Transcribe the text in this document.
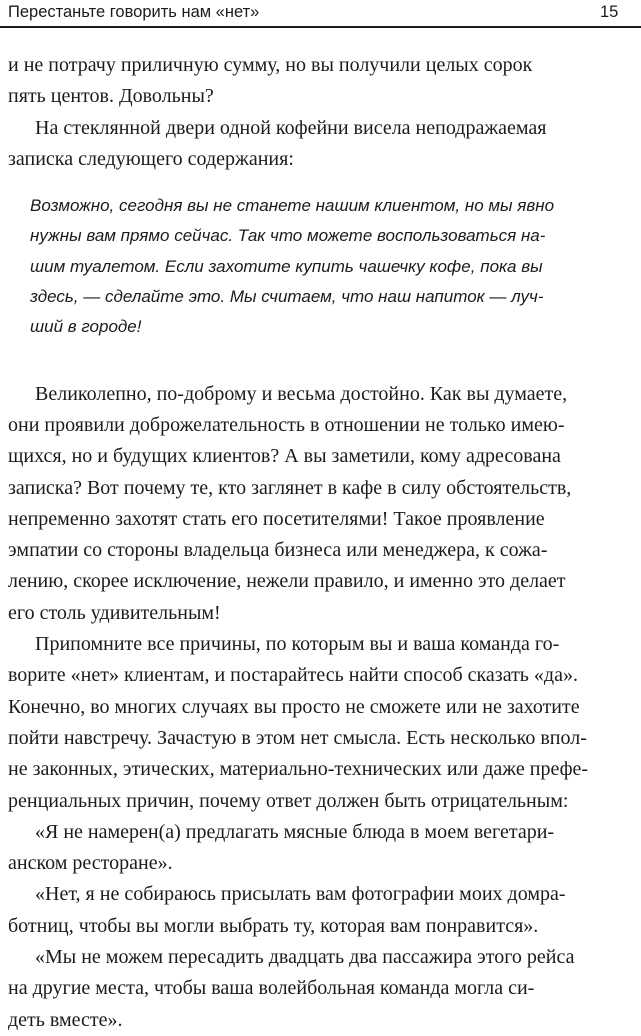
Перестаньте говорить нам «нет»	15

и не потрачу приличную сумму, но вы получили целых сорок
пять центов. Довольны?

На стеклянной двери одной кофейни висела неподражаемая
записка следующего содержания:

Возможно, сегодня вы не станете нашим клиентом, но мы явно
нужны вам прямо сейчас. Так что можете воспользоваться на-
шим туалетом. Если захотите купить чашечку кофе, пока вы
здесь, — сделайте это. Мы считаем, что наш напиток — луч-
ший в городе!

Великолепно, по-доброму и весьма достойно. Как вы думаете,
они проявили доброжелательность в отношении не только имею-
щихся, но и будущих клиентов? А вы заметили, кому адресована
записка? Вот почему те, кто заглянет в кафе в силу обстоятельств,
непременно захотят стать его посетителями! Такое проявление
эмпатии со стороны владельца бизнеса или менеджера, к сожа-
лению, скорее исключение, нежели правило, и именно это делает
его столь удивительным!

Припомните все причины, по которым вы и ваша команда го-
ворите «нет» клиентам, и постарайтесь найти способ сказать «да».
Конечно, во многих случаях вы просто не сможете или не захотите
пойти навстречу. Зачастую в этом нет смысла. Есть несколько впол-
не законных, этических, материально-технических или даже префе-
ренциальных причин, почему ответ должен быть отрицательным:

«Я не намерен(а) предлагать мясные блюда в моем вегетари-
анском ресторане».

«Нет, я не собираюсь присылать вам фотографии моих домра-
ботниц, чтобы вы могли выбрать ту, которая вам понравится».

«Мы не можем пересадить двадцать два пассажира этого рейса
на другие места, чтобы ваша волейбольная команда могла си-
деть вместе».
